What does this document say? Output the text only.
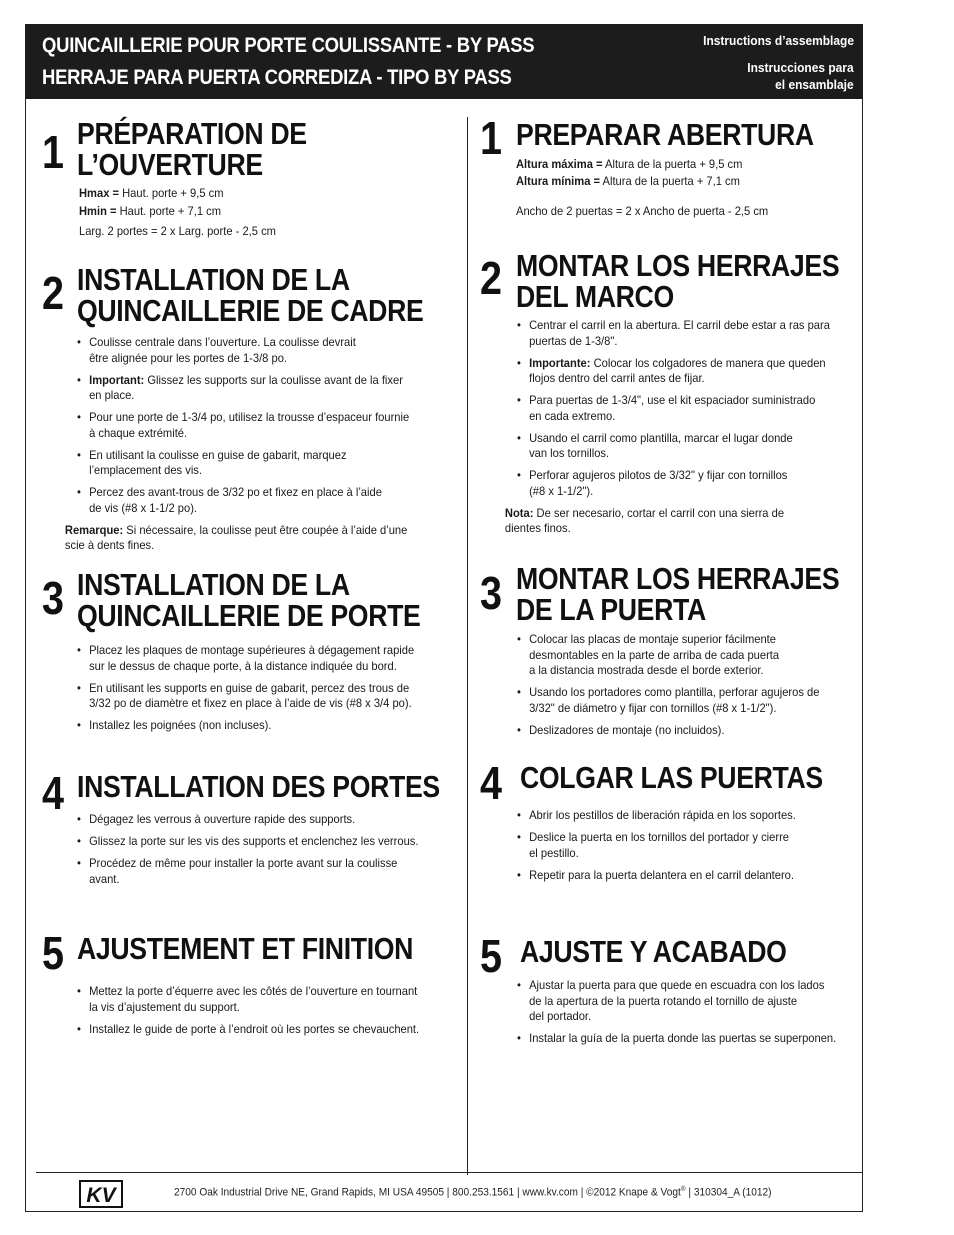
QUINCAILLERIE POUR PORTE COULISSANTE - BY PASS
HERRAJE PARA PUERTA CORREDIZA - TIPO BY PASS
Instructions d’assemblage
Instrucciones para
el ensamblaje
1 PRÉPARATION DE
L’OUVERTURE

Hmax = Haut. porte + 9,5 cm

Hmin = Haut. porte + 7,1 cm

Larg. 2 portes = 2 x Larg. porte - 2,5 cm

2 INSTALLATION DE LA
QUINCAILLERIE DE CADRE
• Coulisse centrale dans l’ouverture. La coulisse devrait
être alignée pour les portes de 1-3/8 po.
• Important: Glissez les supports sur la coulisse avant de la fixer
en place.
• Pour une porte de 1-3/4 po, utilisez la trousse d’espaceur fournie
à chaque extrémité.
• En utilisant la coulisse en guise de gabarit, marquez
l’emplacement des vis.
• Percez des avant-trous de 3/32 po et fixez en place à l’aide
de vis (#8 x 1-1/2 po).

Remarque: Si nécessaire, la coulisse peut être coupée à l’aide d’une
scie à dents fines.

3 INSTALLATION DE LA
QUINCAILLERIE DE PORTE
• Placez les plaques de montage supérieures à dégagement rapide
sur le dessus de chaque porte, à la distance indiquée du bord.
• En utilisant les supports en guise de gabarit, percez des trous de
3/32 po de diamètre et fixez en place à l’aide de vis (#8 x 3/4 po).
• Installez les poignées (non incluses).
4 INSTALLATION DES PORTES
• Dégagez les verrous à ouverture rapide des supports.
• Glissez la porte sur les vis des supports et enclenchez les verrous.
• Procédez de même pour installer la porte avant sur la coulisse
avant.
5 AJUSTEMENT ET FINITION
• Mettez la porte d’équerre avec les côtés de l’ouverture en tournant
la vis d’ajustement du support.
• Installez le guide de porte à l’endroit où les portes se chevauchent.
1 PREPARAR ABERTURA

Altura máxima = Altura de la puerta + 9,5 cm

Altura mínima = Altura de la puerta + 7,1 cm

Ancho de 2 puertas = 2 x Ancho de puerta - 2,5 cm

2 MONTAR LOS HERRAJES
DEL MARCO
• Centrar el carril en la abertura. El carril debe estar a ras para
puertas de 1-3/8".
• Importante: Colocar los colgadores de manera que queden
flojos dentro del carril antes de fijar.
• Para puertas de 1-3/4", use el kit espaciador suministrado
en cada extremo.
• Usando el carril como plantilla, marcar el lugar donde
van los tornillos.
• Perforar agujeros pilotos de 3/32" y fijar con tornillos
(#8 x 1-1/2").

Nota: De ser necesario, cortar el carril con una sierra de
dientes finos.

3 MONTAR LOS HERRAJES
DE LA PUERTA
• Colocar las placas de montaje superior fácilmente
desmontables en la parte de arriba de cada puerta
a la distancia mostrada desde el borde exterior.
• Usando los portadores como plantilla, perforar agujeros de
3/32" de diámetro y fijar con tornillos (#8 x 1-1/2").
• Deslizadores de montaje (no incluidos).
4 COLGAR LAS PUERTAS
• Abrir los pestillos de liberación rápida en los soportes.
• Deslice la puerta en los tornillos del portador y cierre
el pestillo.
• Repetir para la puerta delantera en el carril delantero.
5 AJUSTE Y ACABADO
• Ajustar la puerta para que quede en escuadra con los lados
de la apertura de la puerta rotando el tornillo de ajuste
del portador.
• Instalar la guía de la puerta donde las puertas se superponen.
KV	2700 Oak Industrial Drive NE, Grand Rapids, MI USA 49505 | 800.253.1561 | www.kv.com | ©2012 Knape & Vogt® | 310304_A (1012)
